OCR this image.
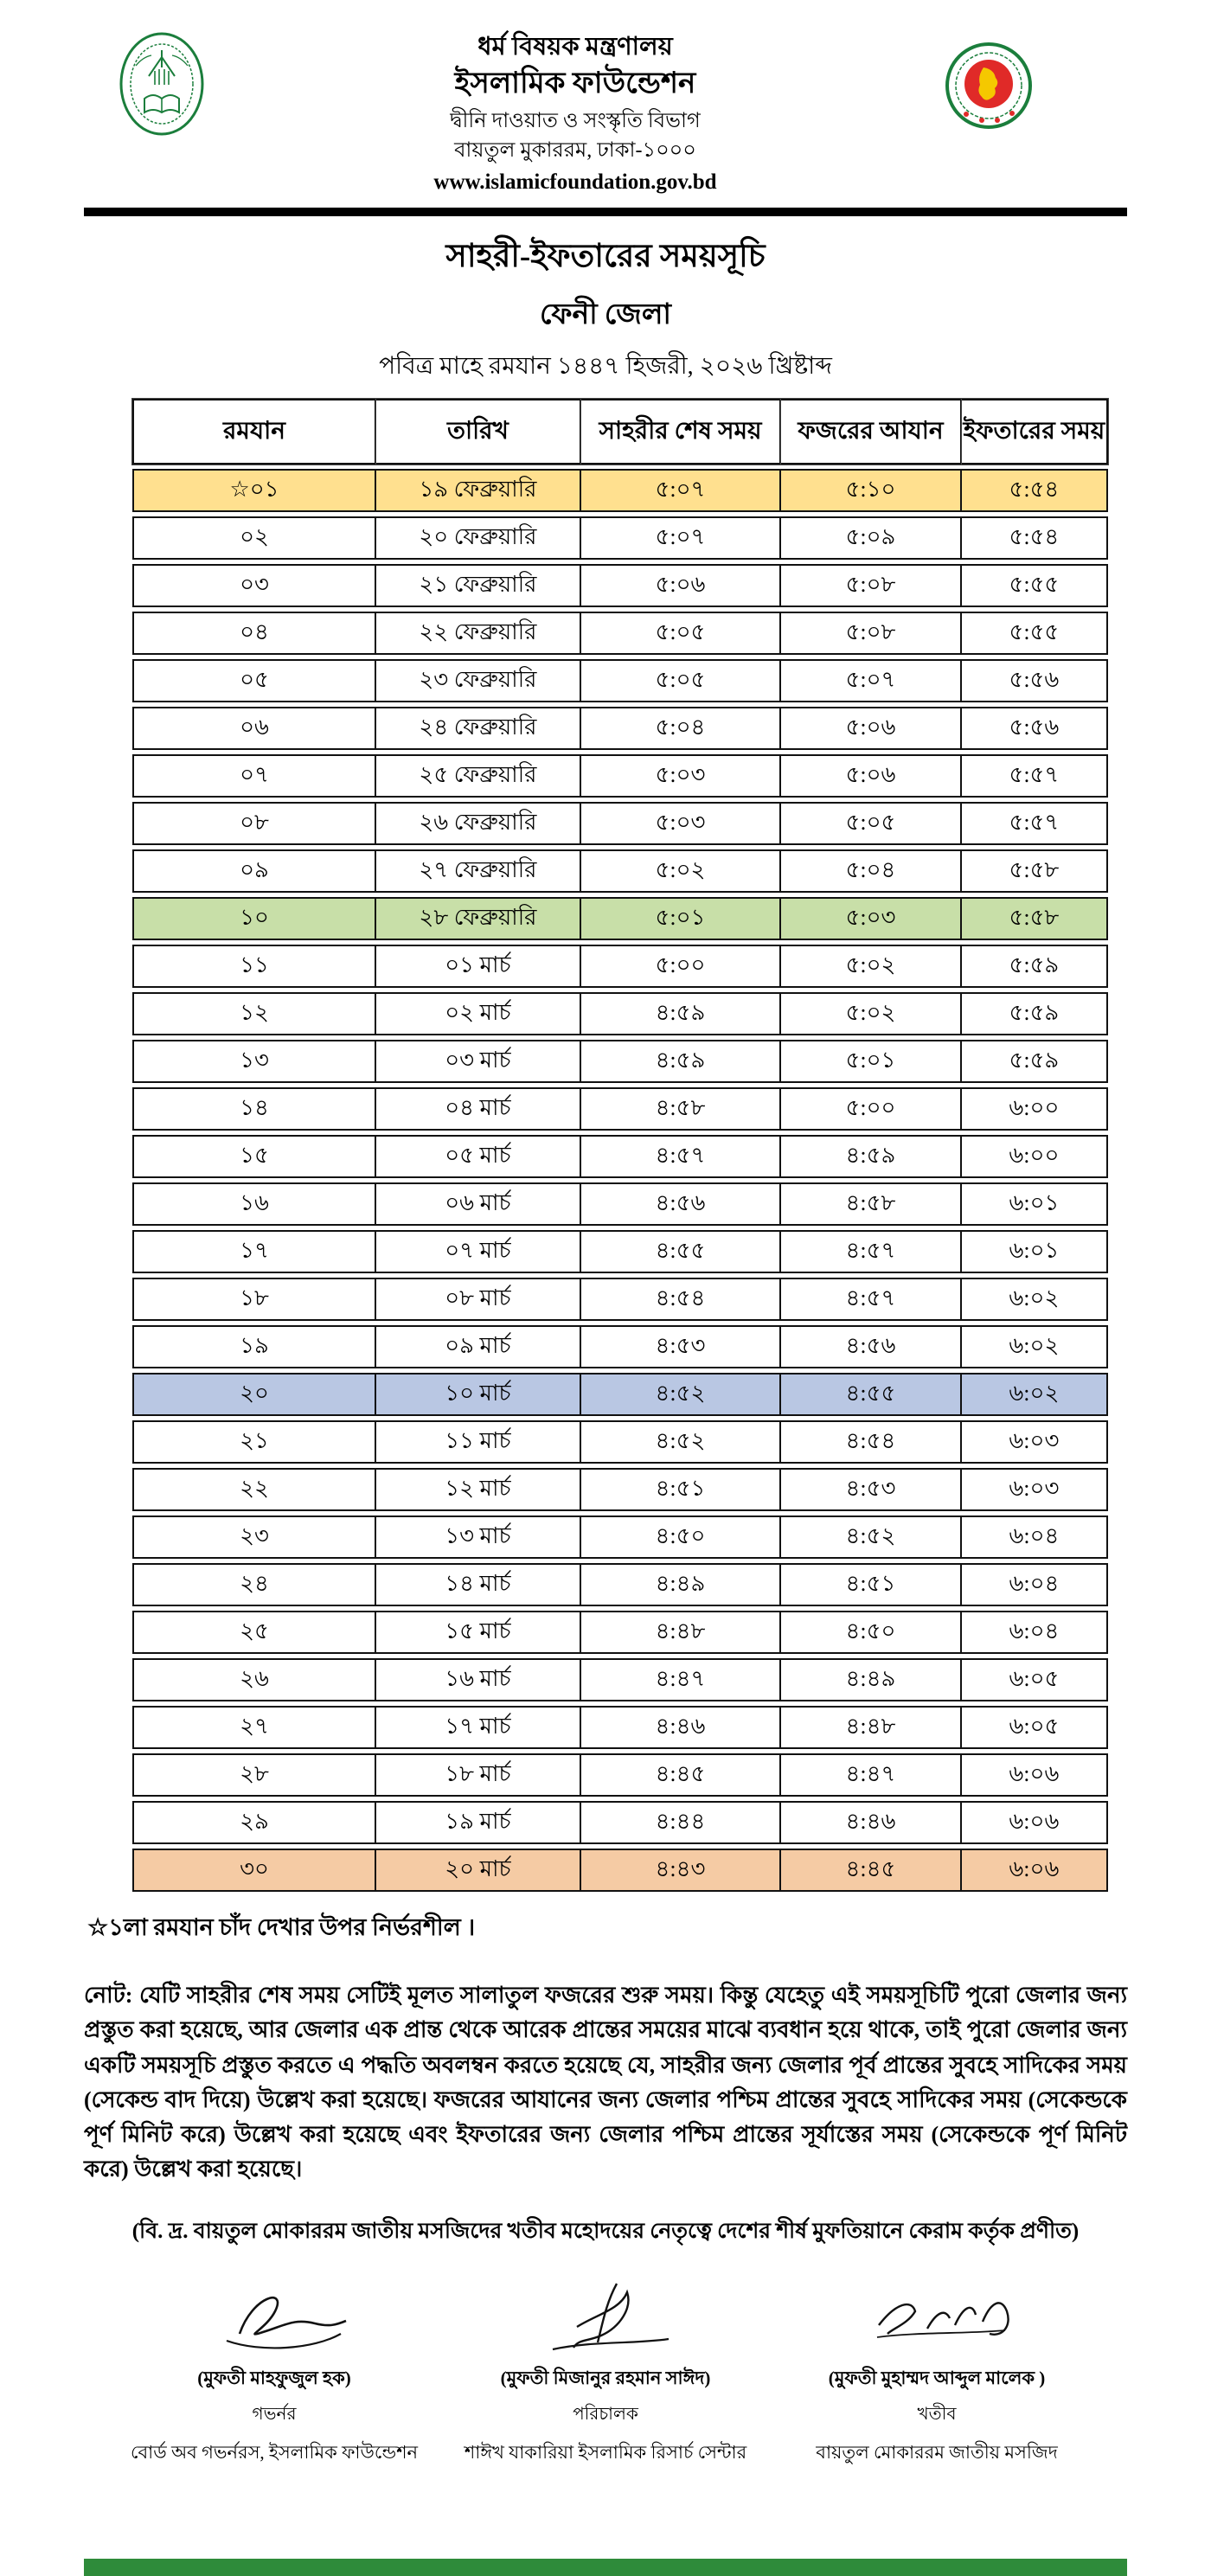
ধর্ম বিষয়ক মন্ত্রণালয়
ইসলামিক ফাউন্ডেশন
দ্বীনি দাওয়াত ও সংস্কৃতি বিভাগ
বায়তুল মুকাররম, ঢাকা-১০০০
www.islamicfoundation.gov.bd
সাহরী-ইফতারের সময়সূচি
ফেনী জেলা
পবিত্র মাহে রমযান ১৪৪৭ হিজরী, ২০২৬ খ্রিষ্টাব্দ
রমযান	তারিখ	সাহরীর শেষ সময়	ফজরের আযান	ইফতারের সময়
☆০১	১৯ ফেব্রুয়ারি	৫:০৭	৫:১০	৫:৫৪
০২	২০ ফেব্রুয়ারি	৫:০৭	৫:০৯	৫:৫৪
০৩	২১ ফেব্রুয়ারি	৫:০৬	৫:০৮	৫:৫৫
০৪	২২ ফেব্রুয়ারি	৫:০৫	৫:০৮	৫:৫৫
০৫	২৩ ফেব্রুয়ারি	৫:০৫	৫:০৭	৫:৫৬
০৬	২৪ ফেব্রুয়ারি	৫:০৪	৫:০৬	৫:৫৬
০৭	২৫ ফেব্রুয়ারি	৫:০৩	৫:০৬	৫:৫৭
০৮	২৬ ফেব্রুয়ারি	৫:০৩	৫:০৫	৫:৫৭
০৯	২৭ ফেব্রুয়ারি	৫:০২	৫:০৪	৫:৫৮
১০	২৮ ফেব্রুয়ারি	৫:০১	৫:০৩	৫:৫৮
১১	০১ মার্চ	৫:০০	৫:০২	৫:৫৯
১২	০২ মার্চ	৪:৫৯	৫:০২	৫:৫৯
১৩	০৩ মার্চ	৪:৫৯	৫:০১	৫:৫৯
১৪	০৪ মার্চ	৪:৫৮	৫:০০	৬:০০
১৫	০৫ মার্চ	৪:৫৭	৪:৫৯	৬:০০
১৬	০৬ মার্চ	৪:৫৬	৪:৫৮	৬:০১
১৭	০৭ মার্চ	৪:৫৫	৪:৫৭	৬:০১
১৮	০৮ মার্চ	৪:৫৪	৪:৫৭	৬:০২
১৯	০৯ মার্চ	৪:৫৩	৪:৫৬	৬:০২
২০	১০ মার্চ	৪:৫২	৪:৫৫	৬:০২
২১	১১ মার্চ	৪:৫২	৪:৫৪	৬:০৩
২২	১২ মার্চ	৪:৫১	৪:৫৩	৬:০৩
২৩	১৩ মার্চ	৪:৫০	৪:৫২	৬:০৪
২৪	১৪ মার্চ	৪:৪৯	৪:৫১	৬:০৪
২৫	১৫ মার্চ	৪:৪৮	৪:৫০	৬:০৪
২৬	১৬ মার্চ	৪:৪৭	৪:৪৯	৬:০৫
২৭	১৭ মার্চ	৪:৪৬	৪:৪৮	৬:০৫
২৮	১৮ মার্চ	৪:৪৫	৪:৪৭	৬:০৬
২৯	১৯ মার্চ	৪:৪৪	৪:৪৬	৬:০৬
৩০	২০ মার্চ	৪:৪৩	৪:৪৫	৬:০৬
☆১লা রমযান চাঁদ দেখার উপর নির্ভরশীল ।
নোট: যেটি সাহরীর শেষ সময় সেটিই মূলত সালাতুল ফজরের শুরু সময়। কিন্তু যেহেতু এই সময়সূচিটি পুরো জেলার জন্য প্রস্তুত করা হয়েছে, আর জেলার এক প্রান্ত থেকে আরেক প্রান্তের সময়ের মাঝে ব্যবধান হয়ে থাকে, তাই পুরো জেলার জন্য একটি সময়সূচি প্রস্তুত করতে এ পদ্ধতি অবলম্বন করতে হয়েছে যে, সাহরীর জন্য জেলার পূর্ব প্রান্তের সুবহে সাদিকের সময় (সেকেন্ড বাদ দিয়ে) উল্লেখ করা হয়েছে। ফজরের আযানের জন্য জেলার পশ্চিম প্রান্তের সুবহে সাদিকের সময় (সেকেন্ডকে পূর্ণ মিনিট করে) উল্লেখ করা হয়েছে এবং ইফতারের জন্য জেলার পশ্চিম প্রান্তের সূর্যাস্তের সময় (সেকেন্ডকে পূর্ণ মিনিট করে) উল্লেখ করা হয়েছে।
(বি. দ্র. বায়তুল মোকাররম জাতীয় মসজিদের খতীব মহোদয়ের নেতৃত্বে দেশের শীর্ষ মুফতিয়ানে কেরাম কর্তৃক প্রণীত)
(মুফতী মাহফুজুল হক)
গভর্নর
বোর্ড অব গভর্নরস, ইসলামিক ফাউন্ডেশন
(মুফতী মিজানুর রহমান সাঈদ)
পরিচালক
শাঈখ যাকারিয়া ইসলামিক রিসার্চ সেন্টার
(মুফতী মুহাম্মদ আব্দুল মালেক )
খতীব
বায়তুল মোকাররম জাতীয় মসজিদ
